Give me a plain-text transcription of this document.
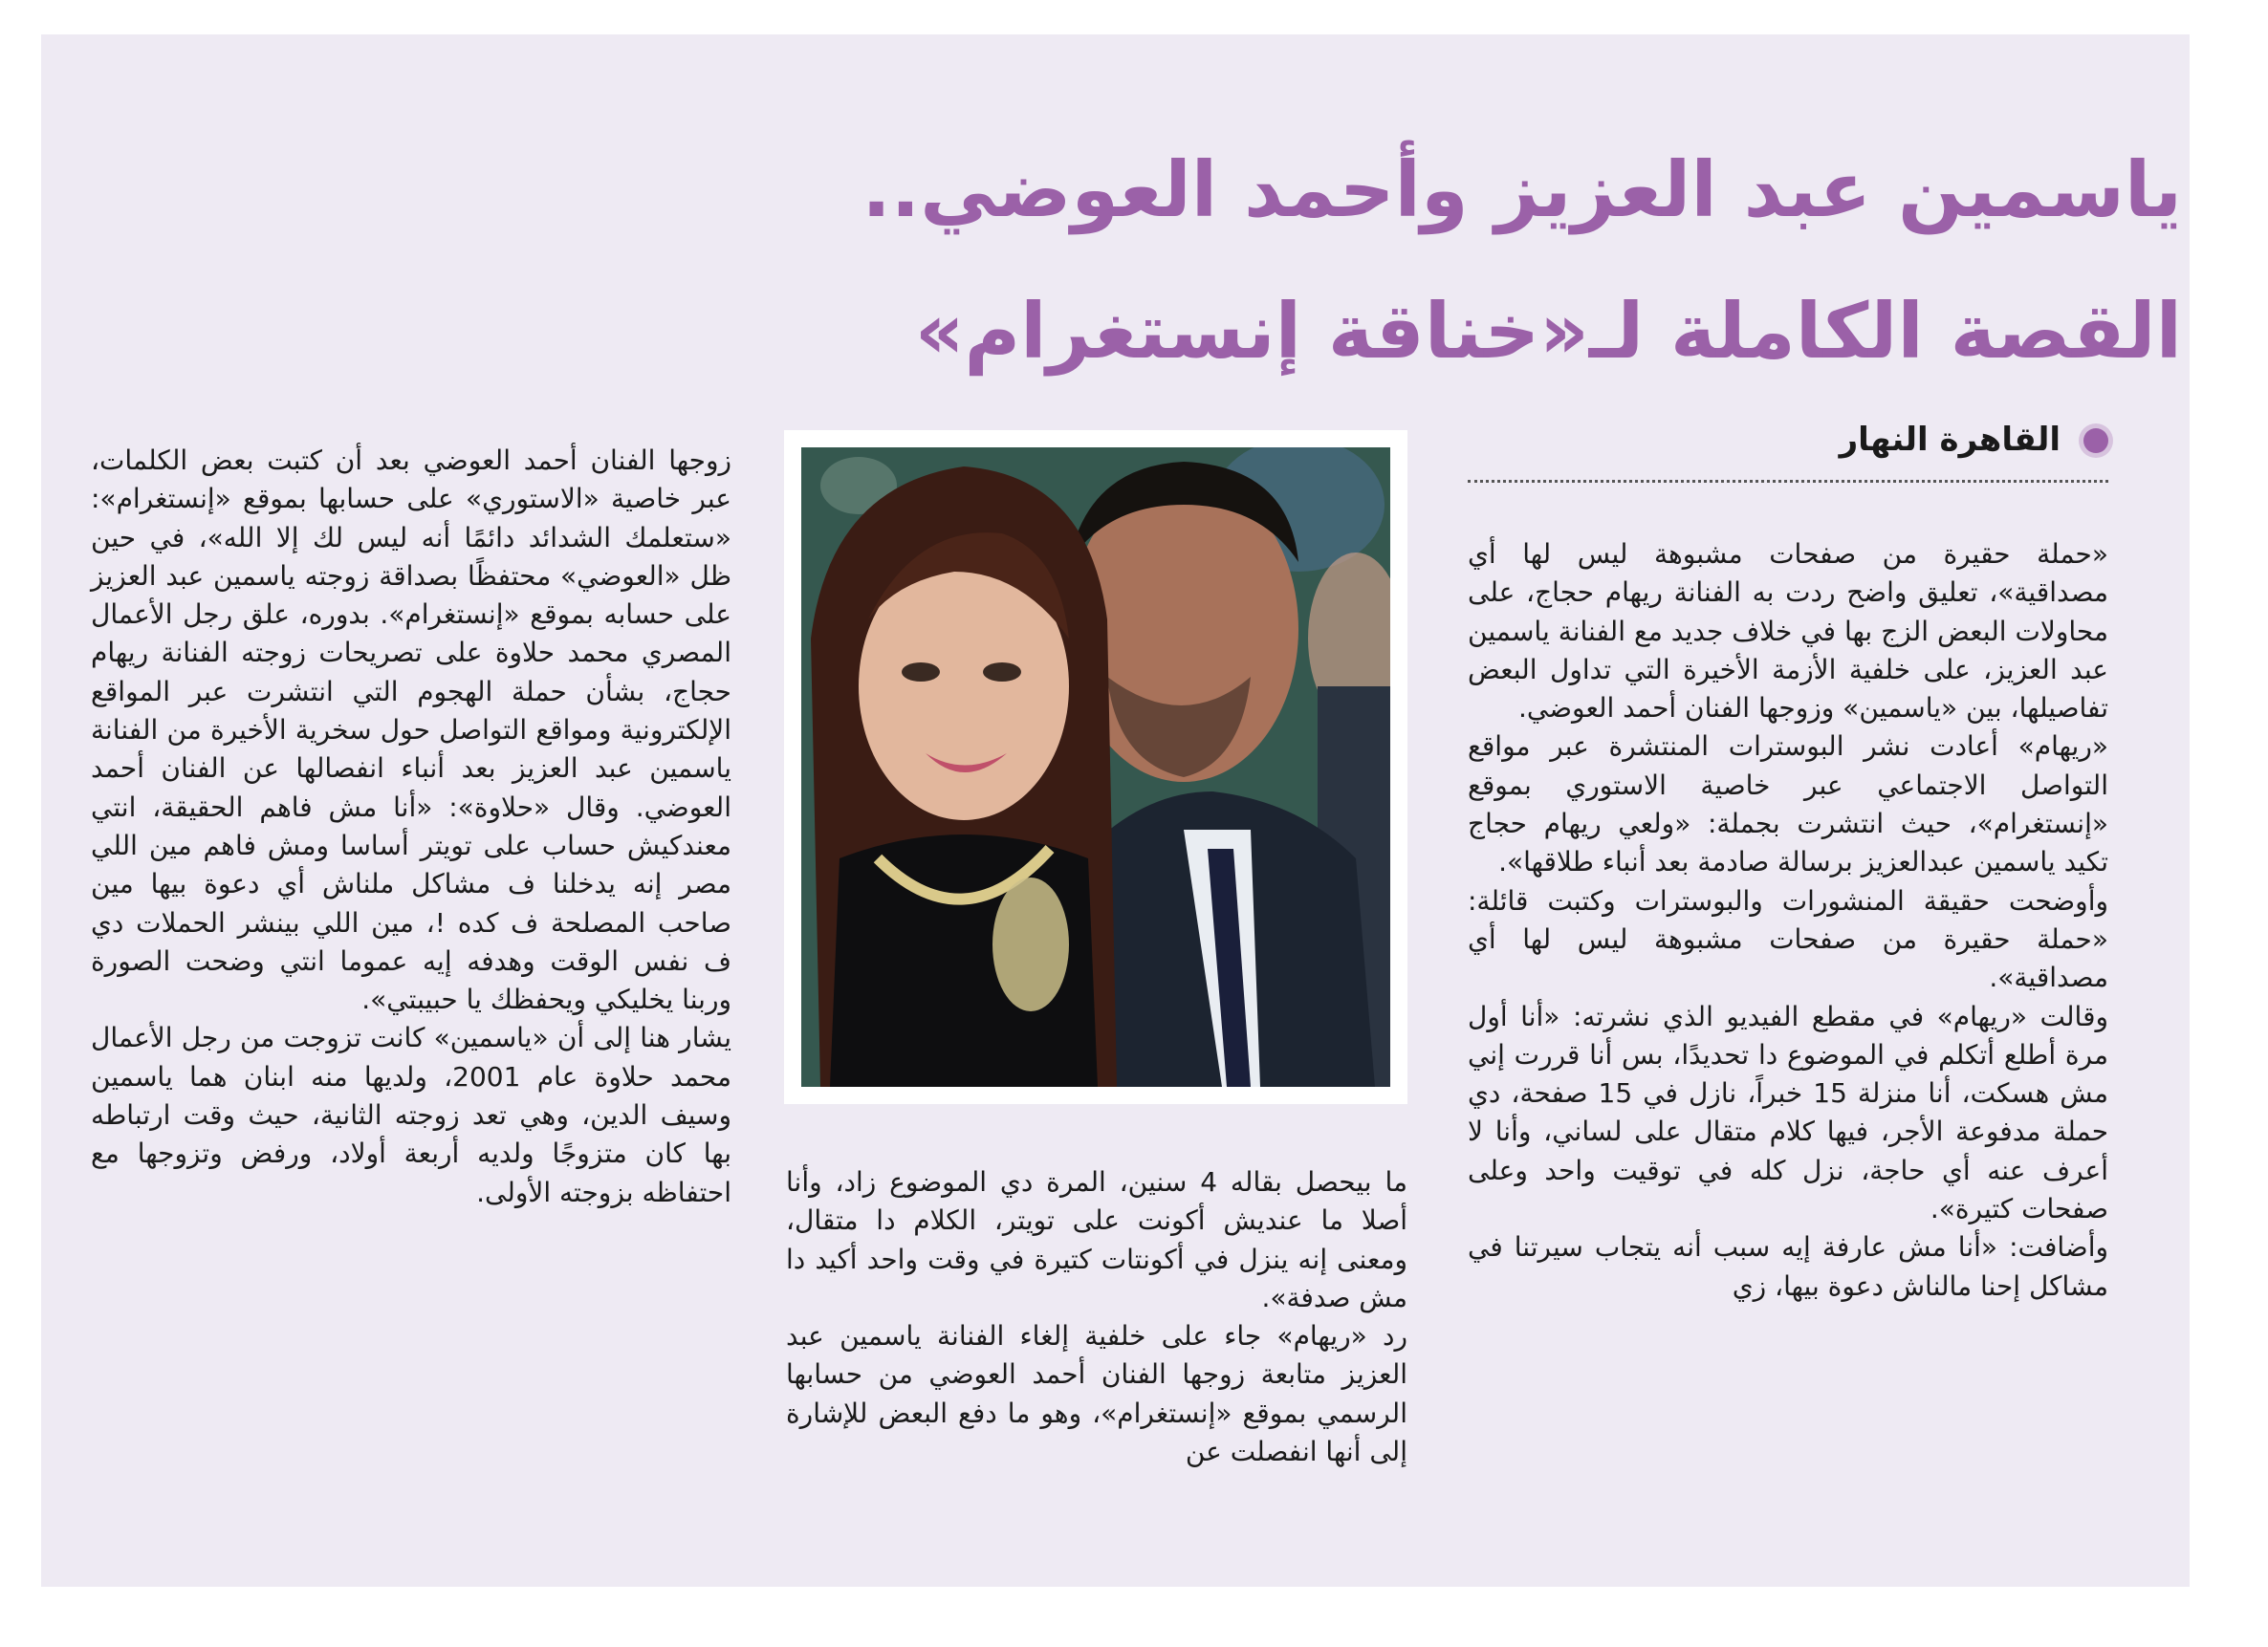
ياسمين عبد العزيز وأحمد العوضي..
القصة الكاملة لـ«خناقة إنستغرام»
القاهرة النهار

«حملة حقيرة من صفحات مشبوهة ليس لها أي مصداقية»، تعليق واضح ردت به الفنانة ريهام حجاج، على محاولات البعض الزج بها في خلاف جديد مع الفنانة ياسمين عبد العزيز، على خلفية الأزمة الأخيرة التي تداول البعض تفاصيلها، بين «ياسمين» وزوجها الفنان أحمد العوضي.

«ريهام» أعادت نشر البوسترات المنتشرة عبر مواقع التواصل الاجتماعي عبر خاصية الاستوري بموقع «إنستغرام»، حيث انتشرت بجملة: «ولعي ريهام حجاج تكيد ياسمين عبدالعزيز برسالة صادمة بعد أنباء طلاقها».

وأوضحت حقيقة المنشورات والبوسترات وكتبت قائلة: «حملة حقيرة من صفحات مشبوهة ليس لها أي مصداقية».

وقالت «ريهام» في مقطع الفيديو الذي نشرته: «أنا أول مرة أطلع أتكلم في الموضوع دا تحديدًا، بس أنا قررت إني مش هسكت، أنا منزلة 15 خبراً، نازل في 15 صفحة، دي حملة مدفوعة الأجر، فيها كلام متقال على لساني، وأنا لا أعرف عنه أي حاجة، نزل كله في توقيت واحد وعلى صفحات كتيرة».

وأضافت: «أنا مش عارفة إيه سبب أنه يتجاب سيرتنا في مشاكل إحنا مالناش دعوة بيها، زي

ما بيحصل بقاله 4 سنين، المرة دي الموضوع زاد، وأنا أصلا ما عنديش أكونت على تويتر، الكلام دا متقال، ومعنى إنه ينزل في أكونتات كتيرة في وقت واحد أكيد دا مش صدفة».

رد «ريهام» جاء على خلفية إلغاء الفنانة ياسمين عبد العزيز متابعة زوجها الفنان أحمد العوضي من حسابها الرسمي بموقع «إنستغرام»، وهو ما دفع البعض للإشارة إلى أنها انفصلت عن

زوجها الفنان أحمد العوضي بعد أن كتبت بعض الكلمات، عبر خاصية «الاستوري» على حسابها بموقع «إنستغرام»: «ستعلمك الشدائد دائمًا أنه ليس لك إلا الله»، في حين ظل «العوضي» محتفظًا بصداقة زوجته ياسمين عبد العزيز على حسابه بموقع «إنستغرام». بدوره، علق رجل الأعمال المصري محمد حلاوة على تصريحات زوجته الفنانة ريهام حجاج، بشأن حملة الهجوم التي انتشرت عبر المواقع الإلكترونية ومواقع التواصل حول سخرية الأخيرة من الفنانة ياسمين عبد العزيز بعد أنباء انفصالها عن الفنان أحمد العوضي. وقال «حلاوة»: «أنا مش فاهم الحقيقة، انتي معندكيش حساب على تويتر أساسا ومش فاهم مين اللي مصر إنه يدخلنا ف مشاكل ملناش أي دعوة بيها مين صاحب المصلحة ف كده !، مين اللي بينشر الحملات دي ف نفس الوقت وهدفه إيه عموما انتي وضحت الصورة وربنا يخليكي ويحفظك يا حبيبتي».

يشار هنا إلى أن «ياسمين» كانت تزوجت من رجل الأعمال محمد حلاوة عام 2001، ولديها منه ابنان هما ياسمين وسيف الدين، وهي تعد زوجته الثانية، حيث وقت ارتباطه بها كان متزوجًا ولديه أربعة أولاد، ورفض وتزوجها مع احتفاظه بزوجته الأولى.
